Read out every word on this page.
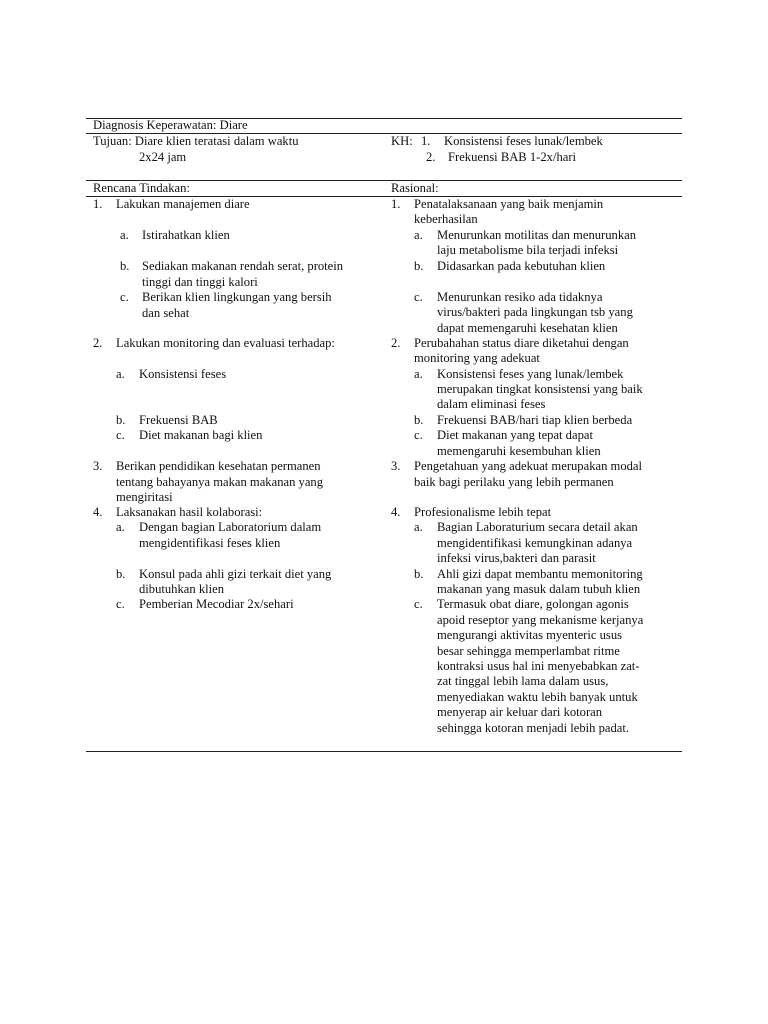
Diagnosis Keperawatan: Diare
Tujuan: Diare klien teratasi dalam waktu
2x24 jam
KH: 1. Konsistensi feses lunak/lembek
2. Frekuensi BAB 1-2x/hari
Rencana Tindakan:	Rasional:
1. Lakukan manajemen diare
a. Istirahatkan klien
b. Sediakan makanan rendah serat, protein
tinggi dan tinggi kalori
c. Berikan klien lingkungan yang bersih
dan sehat
2. Lakukan monitoring dan evaluasi terhadap:
a. Konsistensi feses
b. Frekuensi BAB
c. Diet makanan bagi klien
3. Berikan pendidikan kesehatan permanen
tentang bahayanya makan makanan yang
mengiritasi
4. Laksanakan hasil kolaborasi:
a. Dengan bagian Laboratorium dalam
mengidentifikasi feses klien
b. Konsul pada ahli gizi terkait diet yang
dibutuhkan klien
c. Pemberian Mecodiar 2x/sehari
1. Penatalaksanaan yang baik menjamin
keberhasilan
a. Menurunkan motilitas dan menurunkan
laju metabolisme bila terjadi infeksi
b. Didasarkan pada kebutuhan klien
c. Menurunkan resiko ada tidaknya
virus/bakteri pada lingkungan tsb yang
dapat memengaruhi kesehatan klien
2. Perubahahan status diare diketahui dengan
monitoring yang adekuat
a. Konsistensi feses yang lunak/lembek
merupakan tingkat konsistensi yang baik
dalam eliminasi feses
b. Frekuensi BAB/hari tiap klien berbeda
c. Diet makanan yang tepat dapat
memengaruhi kesembuhan klien
3. Pengetahuan yang adekuat merupakan modal
baik bagi perilaku yang lebih permanen
4. Profesionalisme lebih tepat
a. Bagian Laboraturium secara detail akan
mengidentifikasi kemungkinan adanya
infeksi virus,bakteri dan parasit
b. Ahli gizi dapat membantu memonitoring
makanan yang masuk dalam tubuh klien
c. Termasuk obat diare, golongan agonis
apoid reseptor yang mekanisme kerjanya
mengurangi aktivitas myenteric usus
besar sehingga memperlambat ritme
kontraksi usus hal ini menyebabkan zat-
zat tinggal lebih lama dalam usus,
menyediakan waktu lebih banyak untuk
menyerap air keluar dari kotoran
sehingga kotoran menjadi lebih padat.
